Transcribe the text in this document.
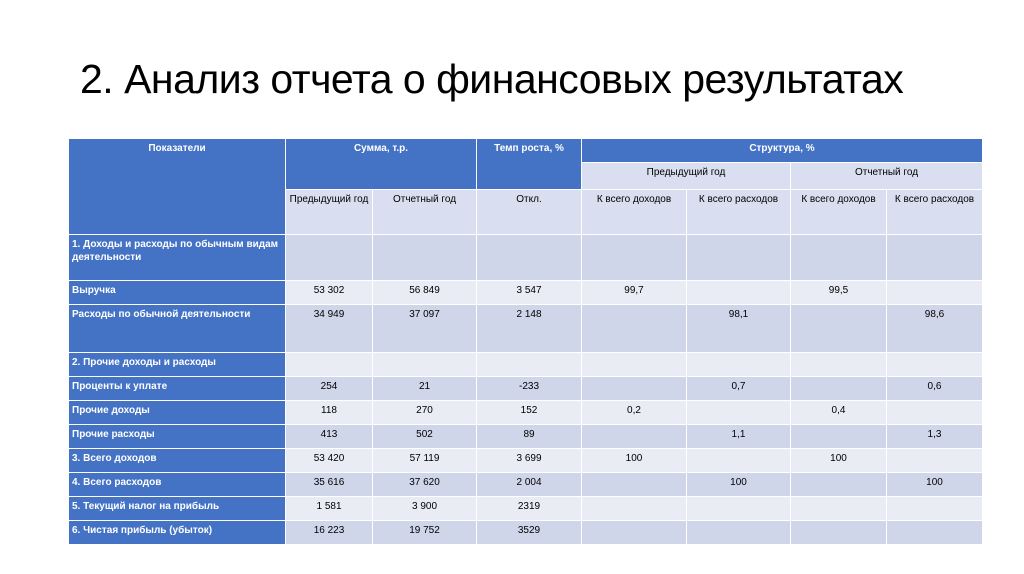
2. Анализ отчета о финансовых результатах
Показатели	Сумма, т.р.		Темп роста, %	Структура, %			
				Предыдущий год		Отчетный год	
	Предыдущий год	Отчетный год	Откл.	К всего доходов	К всего расходов	К всего доходов	К всего расходов
1. Доходы и расходы по обычным видам деятельности							
Выручка	53 302	56 849	3 547	99,7		99,5	
Расходы по обычной деятельности	34 949	37 097	2 148		98,1		98,6
2. Прочие доходы и расходы							
Проценты к уплате	254	21	-233		0,7		0,6
Прочие доходы	118	270	152	0,2		0,4	
Прочие расходы	413	502	89		1,1		1,3
3. Всего доходов	53 420	57 119	3 699	100		100	
4. Всего расходов	35 616	37 620	2 004		100		100
5. Текущий налог на прибыль	1 581	3 900	2319				
6. Чистая прибыль (убыток)	16 223	19 752	3529				
